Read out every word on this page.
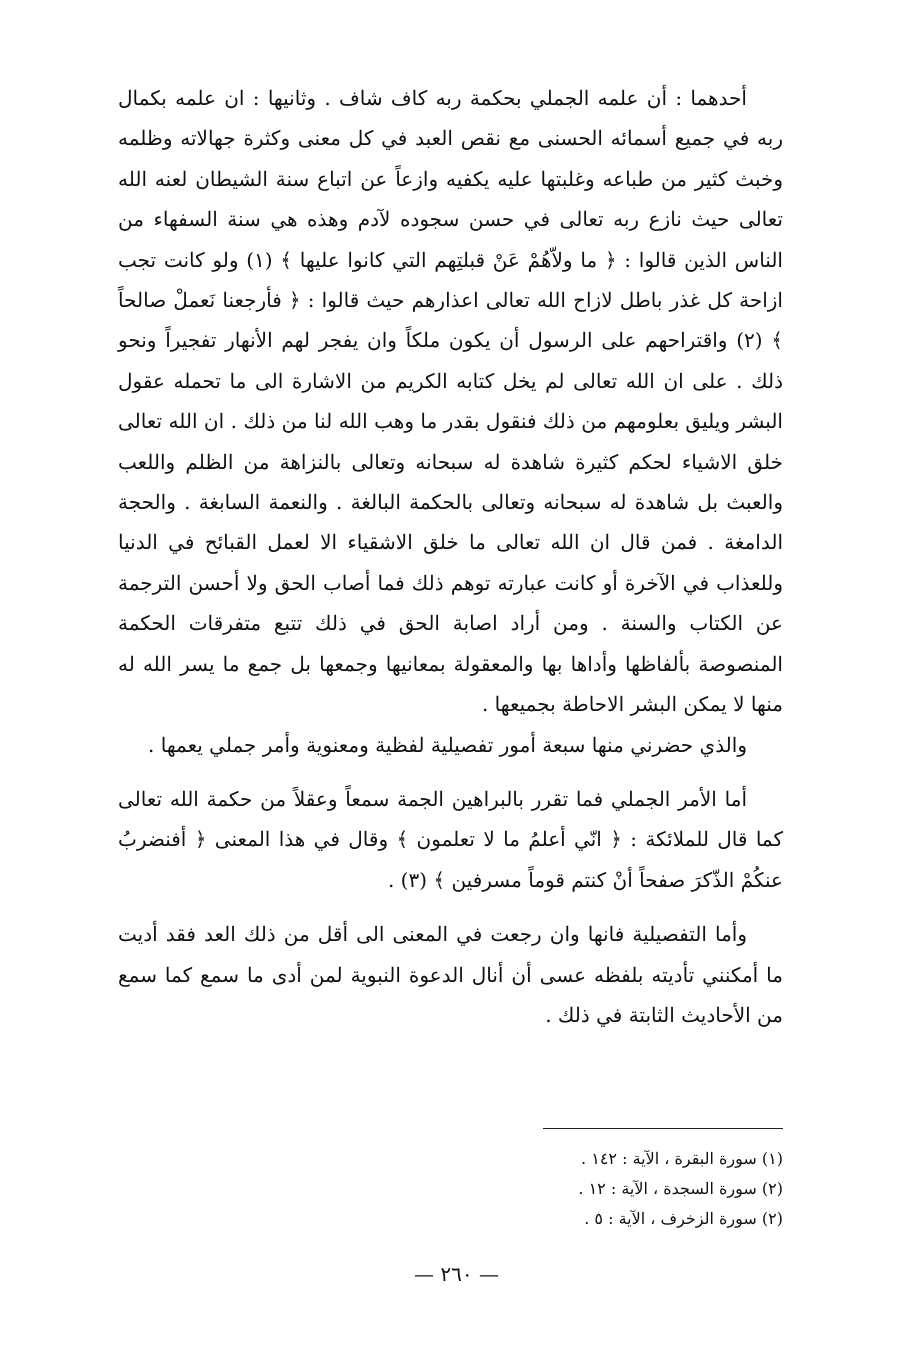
أحدهما : أن علمه الجملي بحكمة ربه كاف شاف . وثانيها : ان علمه بكمال ربه في جميع أسمائه الحسنى مع نقص العبد في كل معنى وكثرة جهالاته وظلمه وخبث كثير من طباعه وغلبتها عليه يكفيه وازعاً عن اتباع سنة الشيطان لعنه الله تعالى حيث نازع ربه تعالى في حسن سجوده لآدم وهذه هي سنة السفهاء من الناس الذين قالوا : ﴿ ما ولاّهُمْ عَنْ قبلتِهم التي كانوا عليها ﴾ (١) ولو كانت تجب ازاحة كل غذر باطل لازاح الله تعالى اعذارهم حيث قالوا : ﴿ فأرجعنا نَعملْ صالحاً ﴾ (٢) واقتراحهم على الرسول أن يكون ملكاً وان يفجر لهم الأنهار تفجيراً ونحو ذلك . على ان الله تعالى لم يخل كتابه الكريم من الاشارة الى ما تحمله عقول البشر ويليق بعلومهم من ذلك فنقول بقدر ما وهب الله لنا من ذلك . ان الله تعالى خلق الاشياء لحكم كثيرة شاهدة له سبحانه وتعالى بالنزاهة من الظلم واللعب والعبث بل شاهدة له سبحانه وتعالى بالحكمة البالغة . والنعمة السابغة . والحجة الدامغة . فمن قال ان الله تعالى ما خلق الاشقياء الا لعمل القبائح في الدنيا وللعذاب في الآخرة أو كانت عبارته توهم ذلك فما أصاب الحق ولا أحسن الترجمة عن الكتاب والسنة . ومن أراد اصابة الحق في ذلك تتبع متفرقات الحكمة المنصوصة بألفاظها وأداها بها والمعقولة بمعانيها وجمعها بل جمع ما يسر الله له منها لا يمكن البشر الاحاطة بجميعها .

والذي حضرني منها سبعة أمور تفصيلية لفظية ومعنوية وأمر جملي يعمها .

أما الأمر الجملي فما تقرر بالبراهين الجمة سمعاً وعقلاً من حكمة الله تعالى كما قال للملائكة : ﴿ انّي أعلمُ ما لا تعلمون ﴾ وقال في هذا المعنى ﴿ أفنضربُ عنكُمْ الذّكرَ صفحاً أنْ كنتم قوماً مسرفين ﴾ (٣) .

وأما التفصيلية فانها وان رجعت في المعنى الى أقل من ذلك العد فقد أديت ما أمكنني تأديته بلفظه عسى أن أنال الدعوة النبوية لمن أدى ما سمع كما سمع من الأحاديث الثابتة في ذلك .

(١) سورة البقرة ، الآية : ١٤٢ .

(٢) سورة السجدة ، الآية : ١٢ .

(٢) سورة الزخرف ، الآية : ٥ .

— ٢٦٠ —
